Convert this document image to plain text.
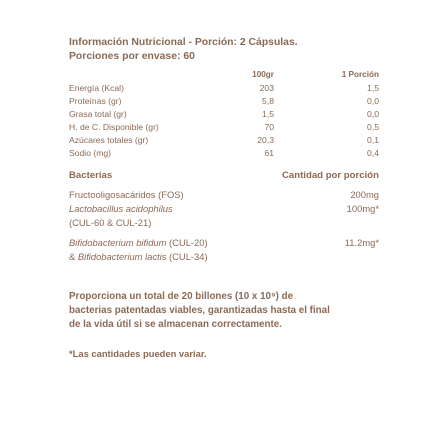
Información Nutricional - Porción: 2 Cápsulas.
Porciones por envase: 60
100gr	1 Porción
Energía (Kcal)	203	1,5
Proteínas (gr)	5,8	0,0
Grasa total (gr)	1,5	0,0
H. de C. Disponible (gr)	70	0,5
Azúcares totales (gr)	20,3	0,1
Sodio (mg)	61	0,4
Bacterias	Cantidad por porción
Fructooligosacáridos (FOS)	200mg
Lactobacillus acidophilus	100mg*
(CUL-60 & CUL-21)
Bifidobacterium bifidum (CUL-20)	11.2mg*
& Bifidobacterium lactis (CUL-34)
Proporciona un total de 20 billones (10 x 10⁹) de
bacterias patentadas viables, garantizadas hasta el final
de la vida útil si se almacenan correctamente.
*Las cantidades pueden variar.
